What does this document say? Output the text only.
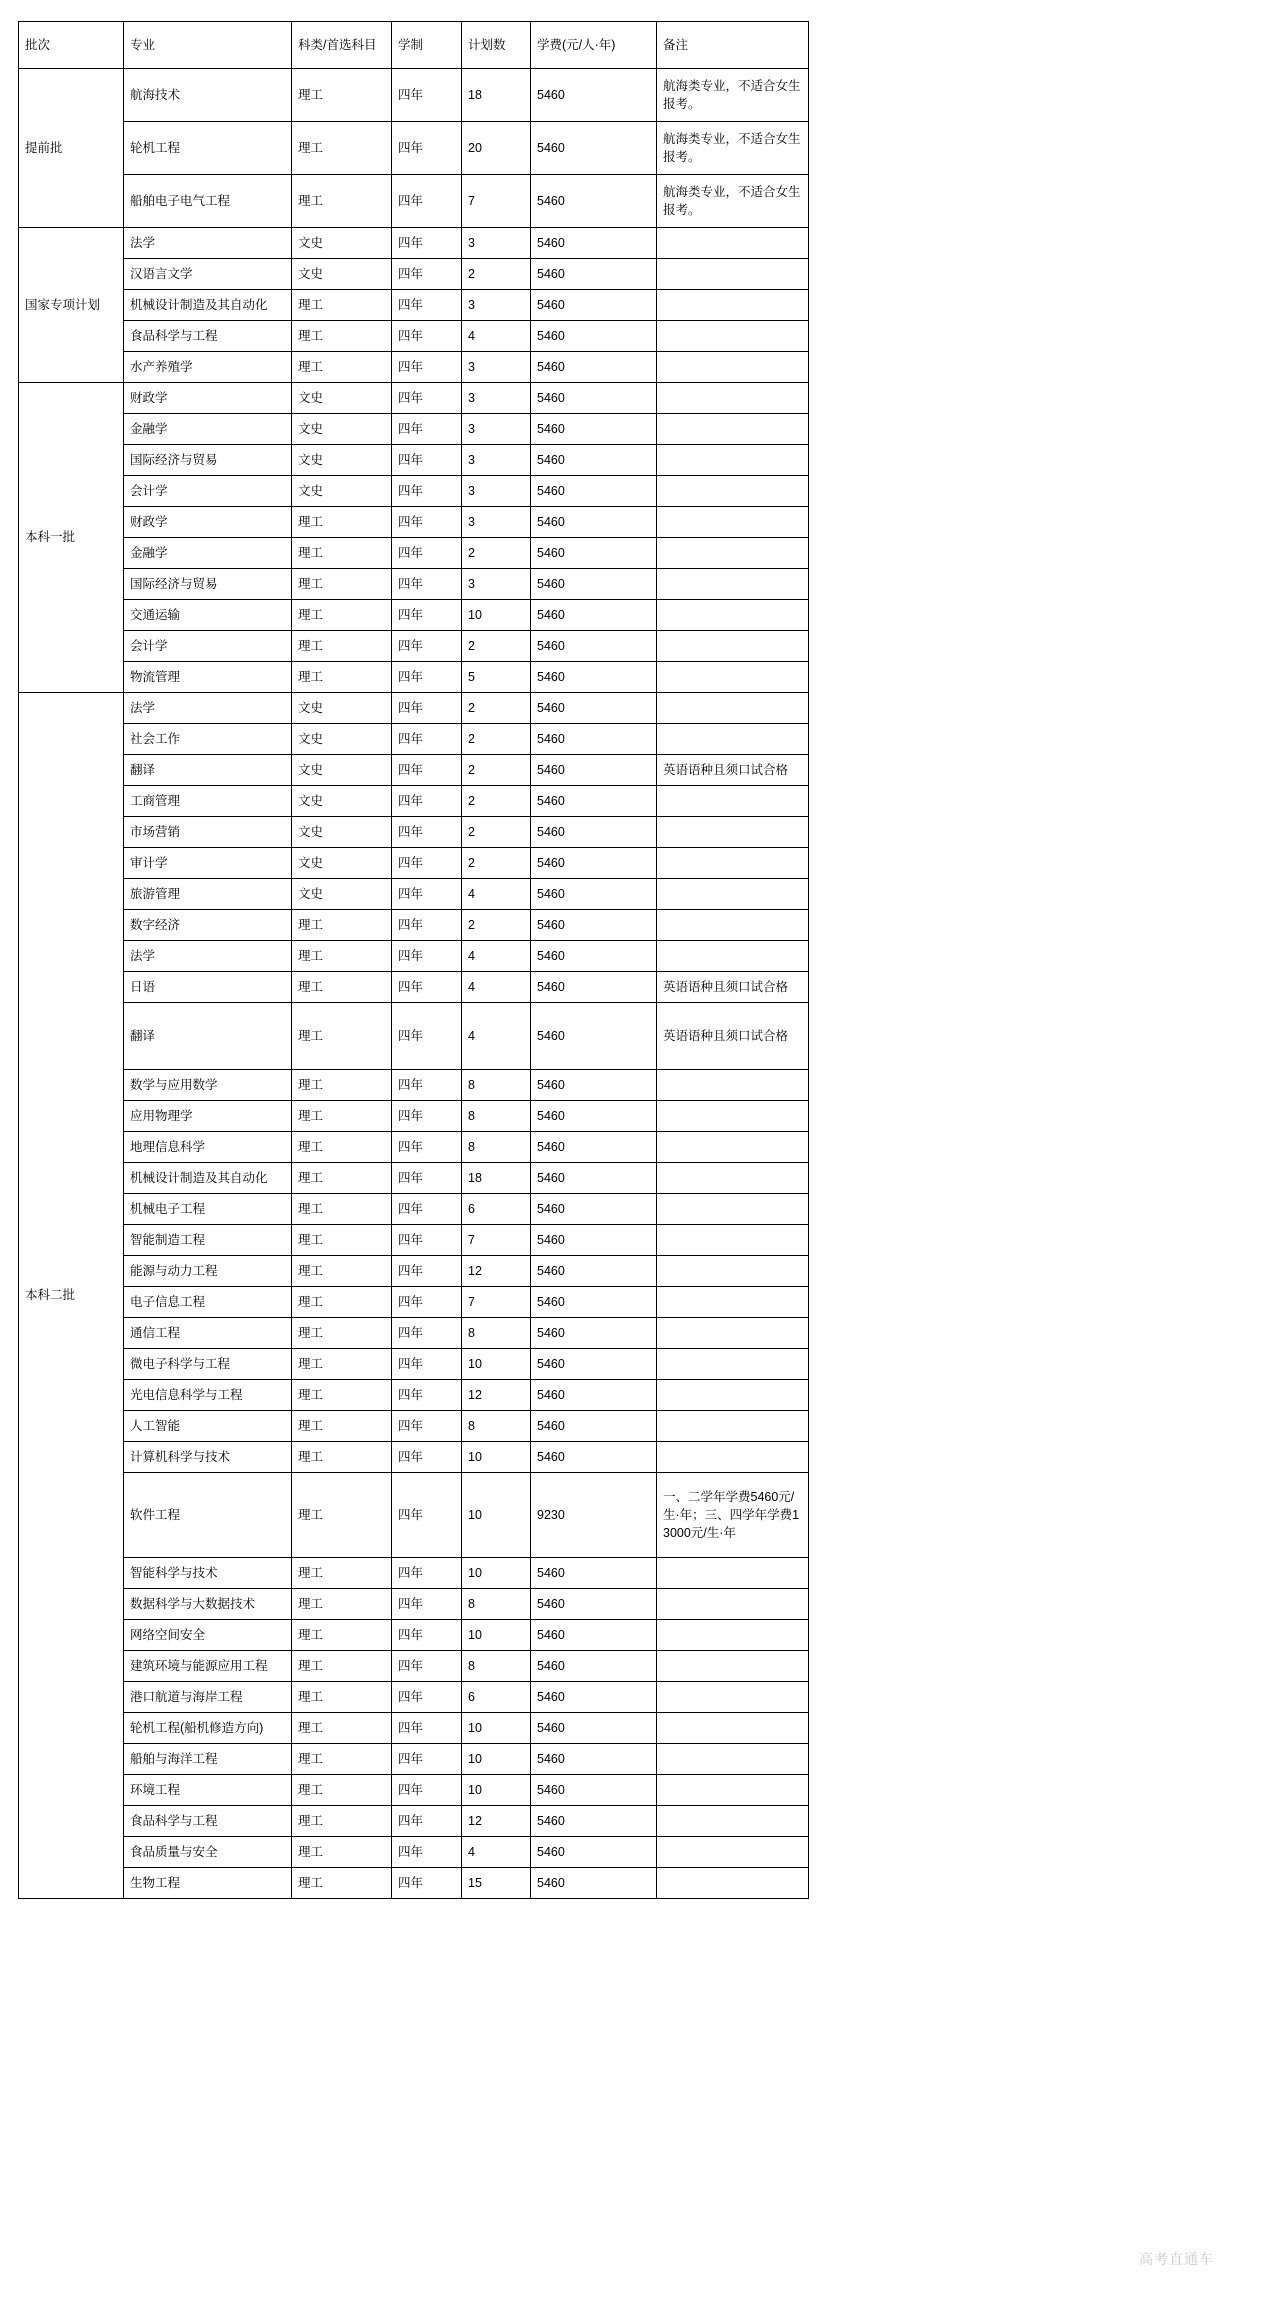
批次	专业	科类/首选科目	学制	计划数	学费(元/人·年)	备注
提前批	航海技术	理工	四年	18	5460	航海类专业，不适合女生报考。
	轮机工程	理工	四年	20	5460	航海类专业，不适合女生报考。
	船舶电子电气工程	理工	四年	7	5460	航海类专业，不适合女生报考。
国家专项计划	法学	文史	四年	3	5460	
	汉语言文学	文史	四年	2	5460	
	机械设计制造及其自动化	理工	四年	3	5460	
	食品科学与工程	理工	四年	4	5460	
	水产养殖学	理工	四年	3	5460	
本科一批	财政学	文史	四年	3	5460	
	金融学	文史	四年	3	5460	
	国际经济与贸易	文史	四年	3	5460	
	会计学	文史	四年	3	5460	
	财政学	理工	四年	3	5460	
	金融学	理工	四年	2	5460	
	国际经济与贸易	理工	四年	3	5460	
	交通运输	理工	四年	10	5460	
	会计学	理工	四年	2	5460	
	物流管理	理工	四年	5	5460	
本科二批	法学	文史	四年	2	5460	
	社会工作	文史	四年	2	5460	
	翻译	文史	四年	2	5460	英语语种且须口试合格
	工商管理	文史	四年	2	5460	
	市场营销	文史	四年	2	5460	
	审计学	文史	四年	2	5460	
	旅游管理	文史	四年	4	5460	
	数字经济	理工	四年	2	5460	
	法学	理工	四年	4	5460	
	日语	理工	四年	4	5460	英语语种且须口试合格
	翻译	理工	四年	4	5460	英语语种且须口试合格
	数学与应用数学	理工	四年	8	5460	
	应用物理学	理工	四年	8	5460	
	地理信息科学	理工	四年	8	5460	
	机械设计制造及其自动化	理工	四年	18	5460	
	机械电子工程	理工	四年	6	5460	
	智能制造工程	理工	四年	7	5460	
	能源与动力工程	理工	四年	12	5460	
	电子信息工程	理工	四年	7	5460	
	通信工程	理工	四年	8	5460	
	微电子科学与工程	理工	四年	10	5460	
	光电信息科学与工程	理工	四年	12	5460	
	人工智能	理工	四年	8	5460	
	计算机科学与技术	理工	四年	10	5460	
	软件工程	理工	四年	10	9230	一、二学年学费5460元/生·年；三、四学年学费13000元/生·年
	智能科学与技术	理工	四年	10	5460	
	数据科学与大数据技术	理工	四年	8	5460	
	网络空间安全	理工	四年	10	5460	
	建筑环境与能源应用工程	理工	四年	8	5460	
	港口航道与海岸工程	理工	四年	6	5460	
	轮机工程(船机修造方向)	理工	四年	10	5460	
	船舶与海洋工程	理工	四年	10	5460	
	环境工程	理工	四年	10	5460	
	食品科学与工程	理工	四年	12	5460	
	食品质量与安全	理工	四年	4	5460	
	生物工程	理工	四年	15	5460	
高考直通车
